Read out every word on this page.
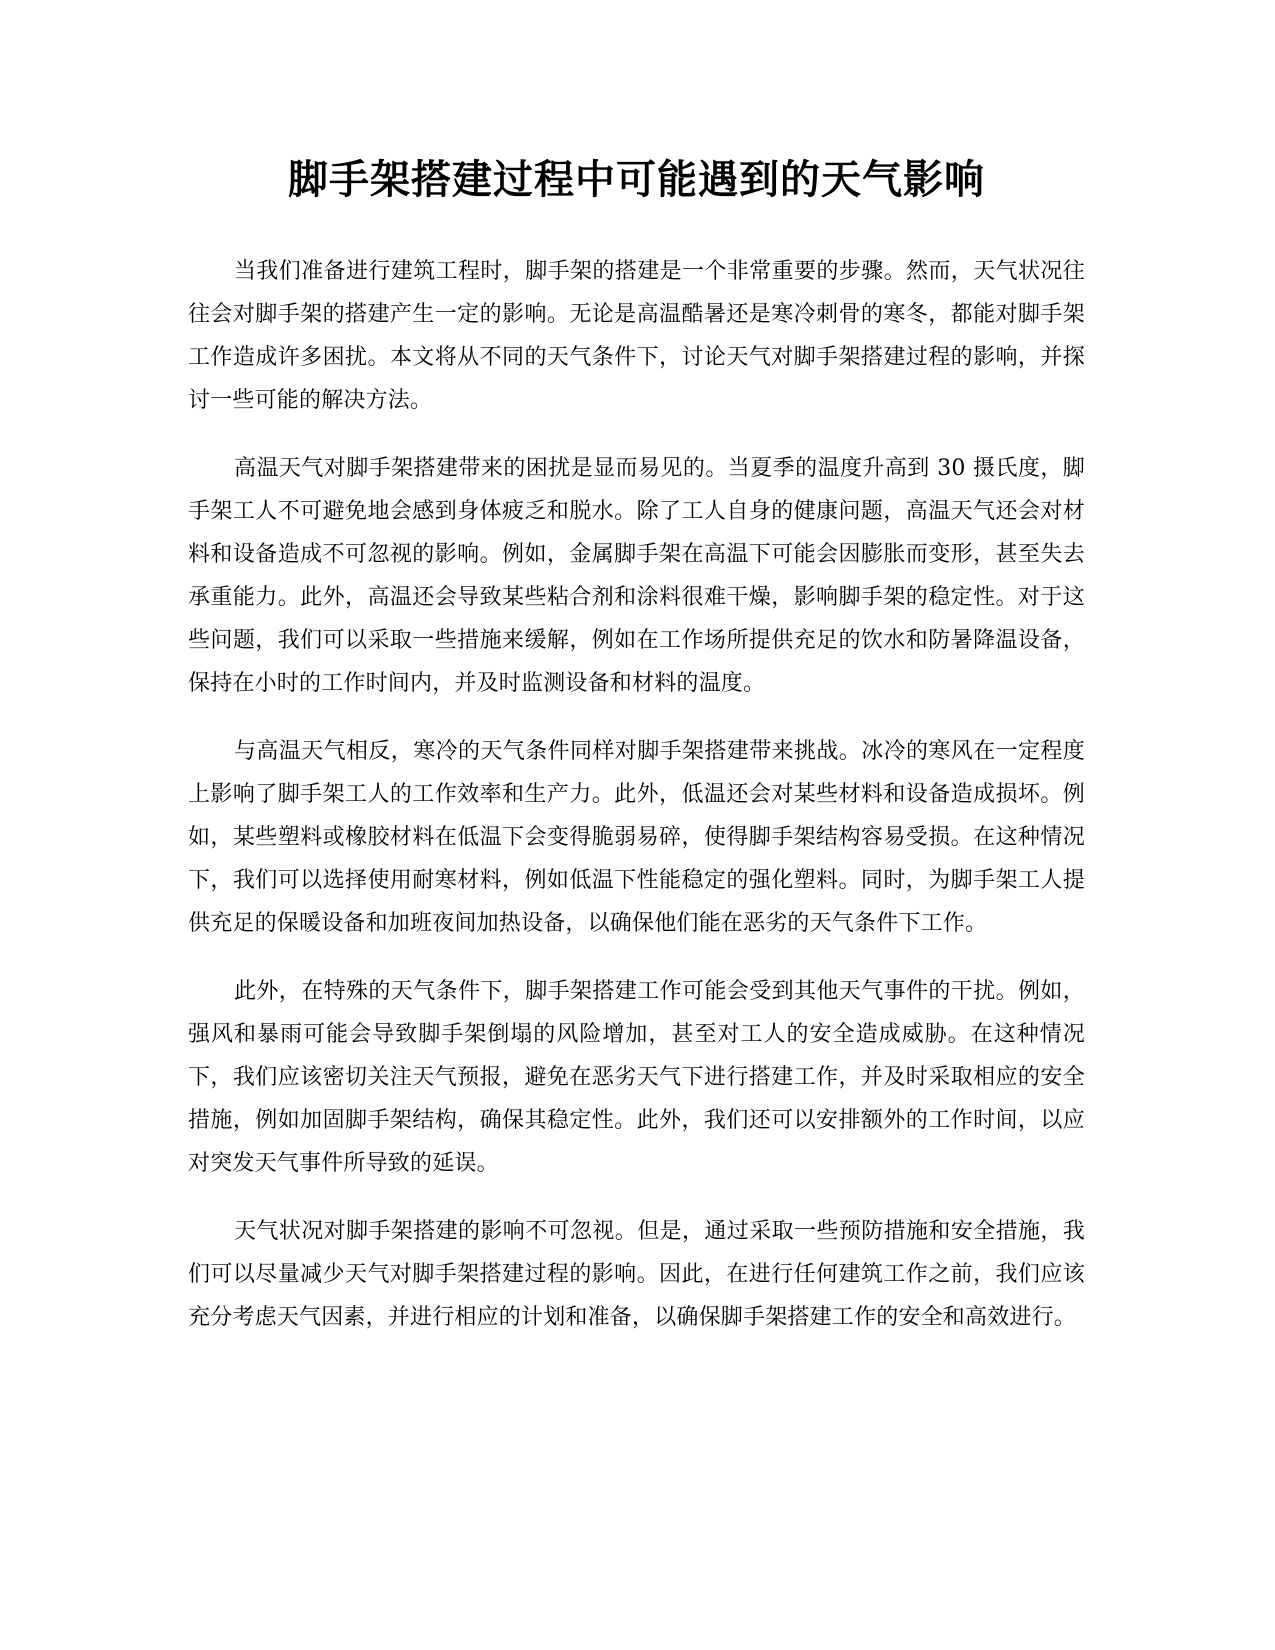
脚手架搭建过程中可能遇到的天气影响

当我们准备进行建筑工程时，脚手架的搭建是一个非常重要的步骤。然而，天气状况往往会对脚手架的搭建产生一定的影响。无论是高温酷暑还是寒冷刺骨的寒冬，都能对脚手架工作造成许多困扰。本文将从不同的天气条件下，讨论天气对脚手架搭建过程的影响，并探讨一些可能的解决方法。

高温天气对脚手架搭建带来的困扰是显而易见的。当夏季的温度升高到 30 摄氏度，脚手架工人不可避免地会感到身体疲乏和脱水。除了工人自身的健康问题，高温天气还会对材料和设备造成不可忽视的影响。例如，金属脚手架在高温下可能会因膨胀而变形，甚至失去承重能力。此外，高温还会导致某些粘合剂和涂料很难干燥，影响脚手架的稳定性。对于这些问题，我们可以采取一些措施来缓解，例如在工作场所提供充足的饮水和防暑降温设备，保持在小时的工作时间内，并及时监测设备和材料的温度。

与高温天气相反，寒冷的天气条件同样对脚手架搭建带来挑战。冰冷的寒风在一定程度上影响了脚手架工人的工作效率和生产力。此外，低温还会对某些材料和设备造成损坏。例如，某些塑料或橡胶材料在低温下会变得脆弱易碎，使得脚手架结构容易受损。在这种情况下，我们可以选择使用耐寒材料，例如低温下性能稳定的强化塑料。同时，为脚手架工人提供充足的保暖设备和加班夜间加热设备，以确保他们能在恶劣的天气条件下工作。

此外，在特殊的天气条件下，脚手架搭建工作可能会受到其他天气事件的干扰。例如，强风和暴雨可能会导致脚手架倒塌的风险增加，甚至对工人的安全造成威胁。在这种情况下，我们应该密切关注天气预报，避免在恶劣天气下进行搭建工作，并及时采取相应的安全措施，例如加固脚手架结构，确保其稳定性。此外，我们还可以安排额外的工作时间，以应对突发天气事件所导致的延误。

天气状况对脚手架搭建的影响不可忽视。但是，通过采取一些预防措施和安全措施，我们可以尽量减少天气对脚手架搭建过程的影响。因此，在进行任何建筑工作之前，我们应该充分考虑天气因素，并进行相应的计划和准备，以确保脚手架搭建工作的安全和高效进行。
